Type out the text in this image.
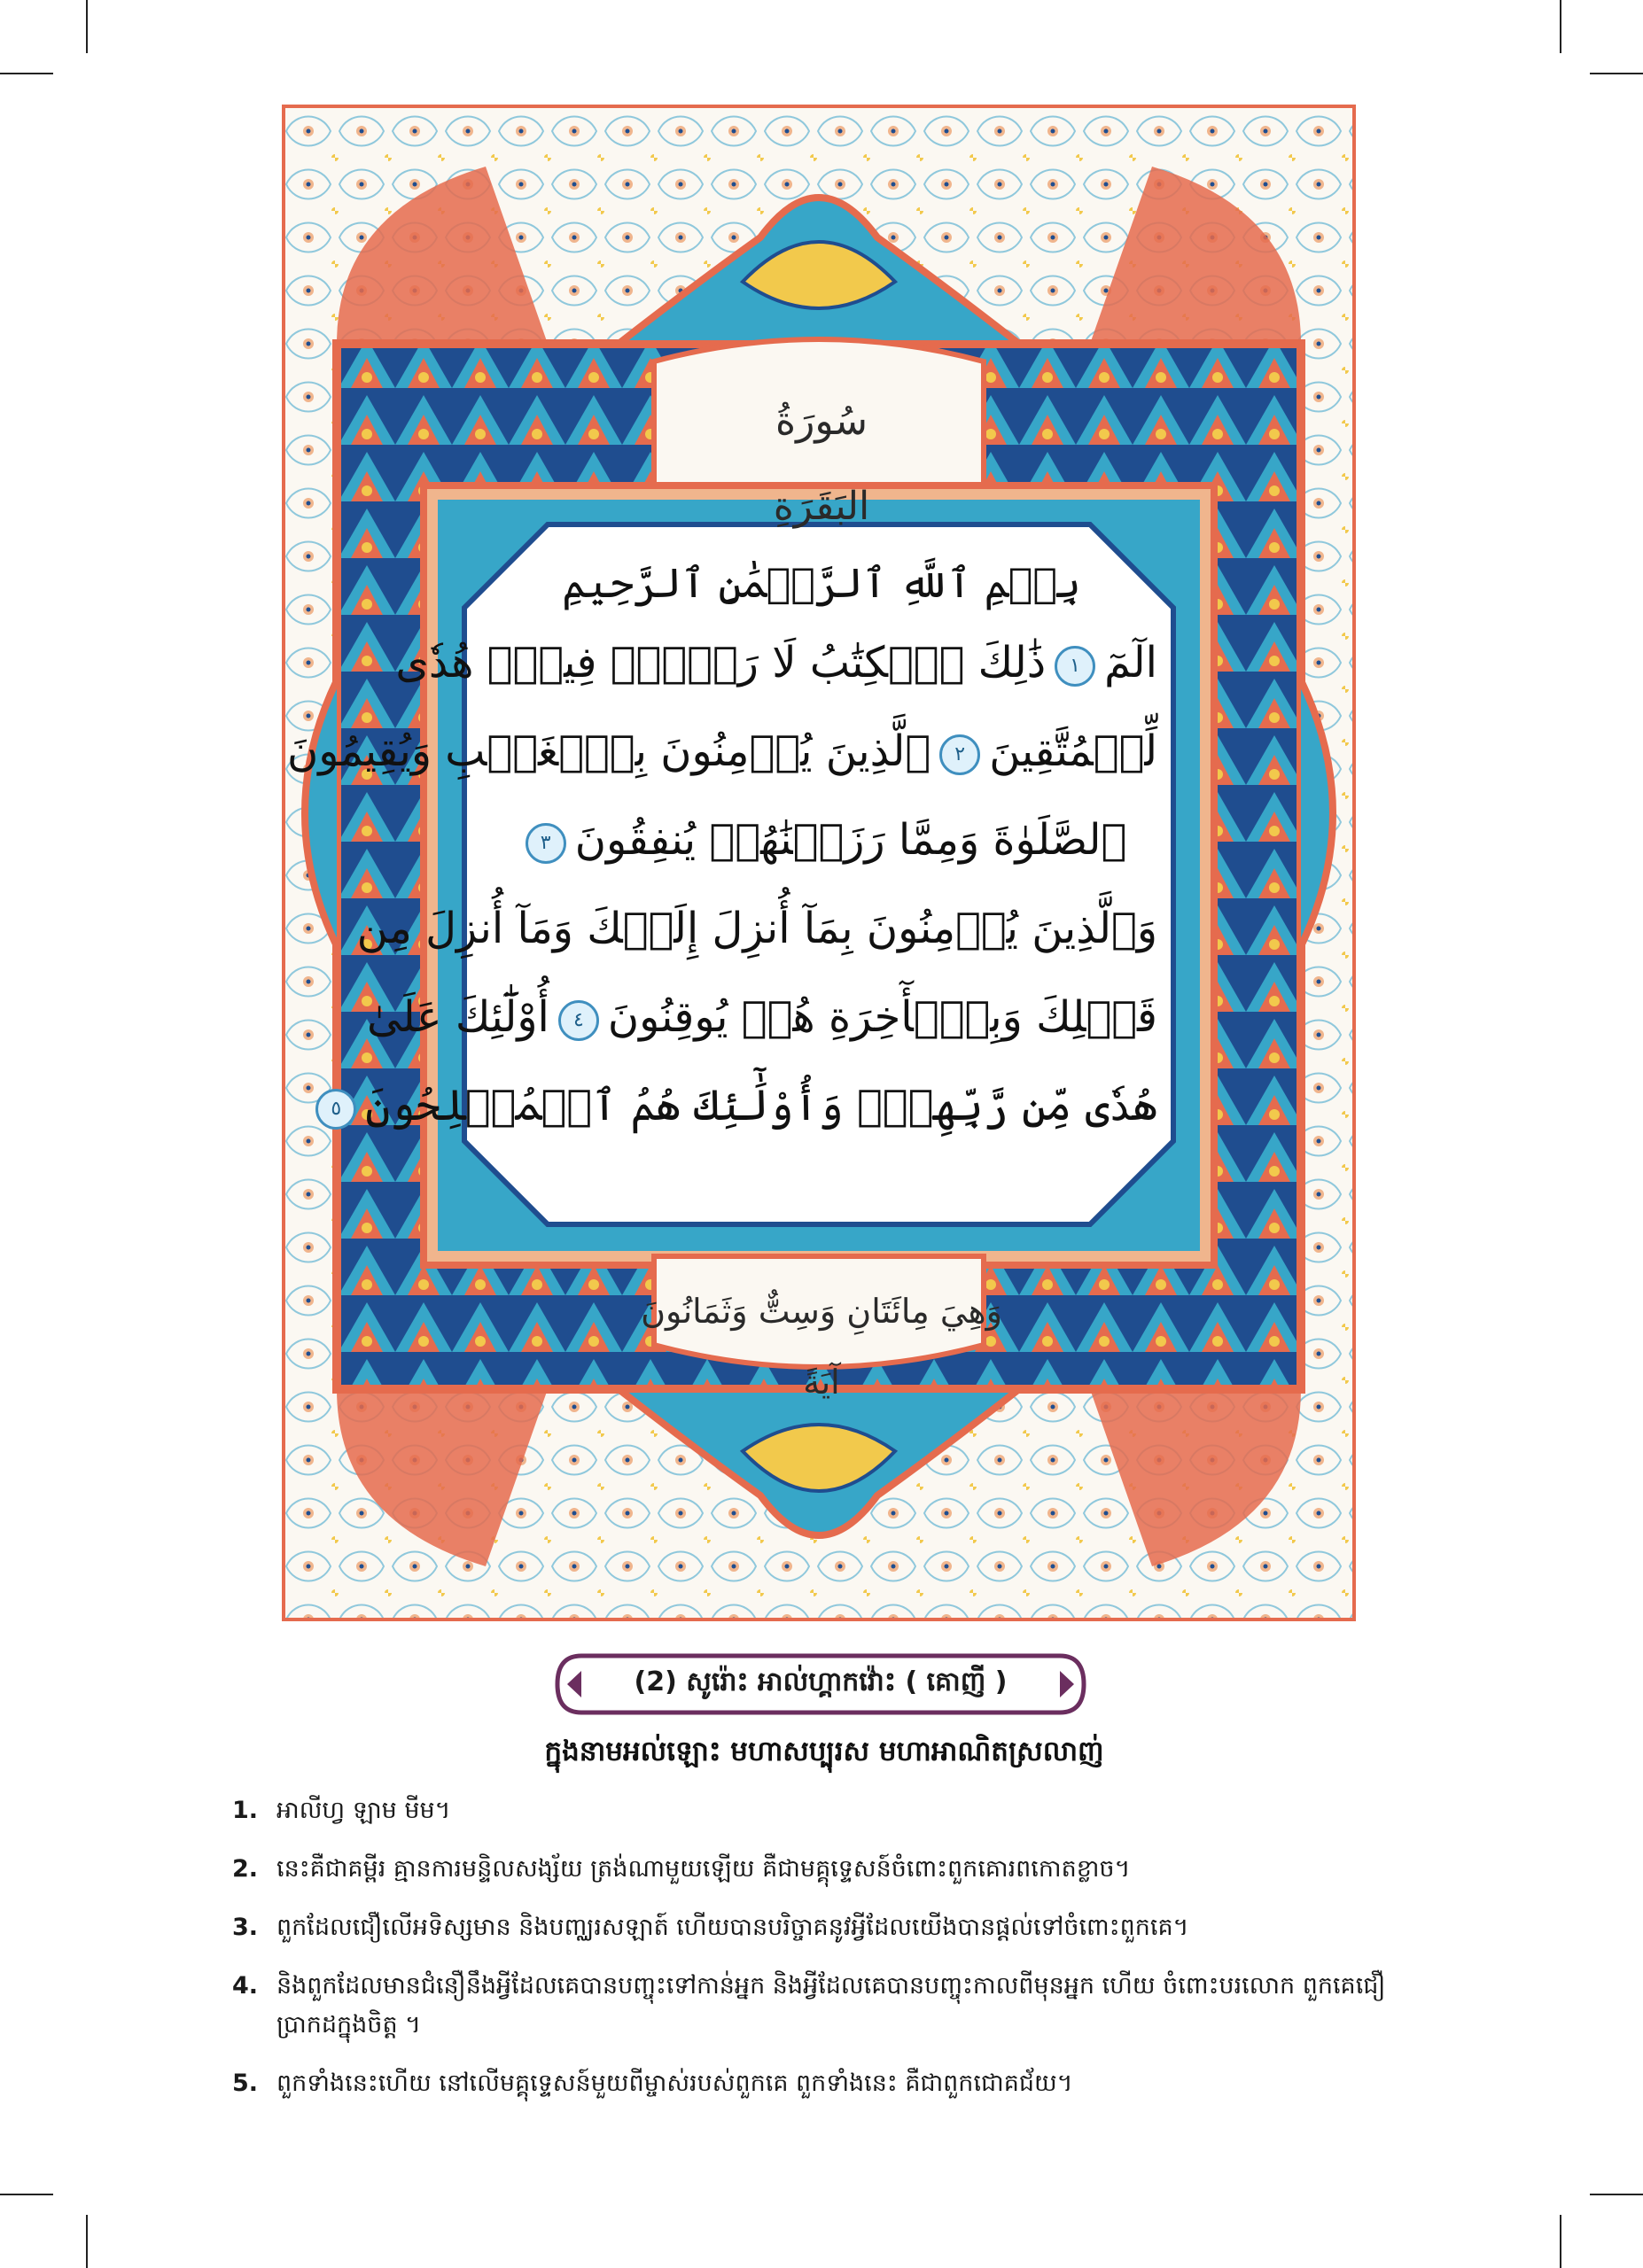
سُورَةُ البَقَرَةِ
بِسۡمِ ٱللَّهِ ٱلرَّحۡمَٰنِ ٱلرَّحِيمِ
الٓمٓ١ذَٰلِكَ ٱلۡكِتَٰبُ لَا رَيۡبَۛ فِيهِۛ هُدٗى
لِّلۡمُتَّقِينَ٢ٱلَّذِينَ يُؤۡمِنُونَ بِٱلۡغَيۡبِ وَيُقِيمُونَ
ٱلصَّلَوٰةَ وَمِمَّا رَزَقۡنَٰهُمۡ يُنفِقُونَ٣
وَٱلَّذِينَ يُؤۡمِنُونَ بِمَآ أُنزِلَ إِلَيۡكَ وَمَآ أُنزِلَ مِن
قَبۡلِكَ وَبِٱلۡأٓخِرَةِ هُمۡ يُوقِنُونَ٤أُوْلَٰٓئِكَ عَلَىٰ
هُدٗى مِّن رَّبِّهِمۡۖ وَأُوْلَٰٓئِكَ هُمُ ٱلۡمُفۡلِحُونَ٥
وَهِيَ مِائَتَانِ وَسِتٌّ وَثَمَانُونَ آيَةً
(2) សូរ៉ោះ អាល់ហ្គាកវ៉ោះ ( គោញី )
ក្នុងនាមអល់ឡោះ មហាសប្បុរស មហាអាណិតស្រលាញ់
1. អាលីហ្វ ឡាម មីម។
2. នេះគឺជាគម្ពីរ គ្មានការមន្ទិលសង្ស័យ ត្រង់ណាមួយឡើយ គឺជាមគ្គុទ្ទេសន៍ចំពោះពួកគោរពកោតខ្លាច។
3. ពួកដែលជឿលើអទិស្សមាន និងបញ្ឈរសឡាត៍ ហើយបានបរិច្ចាគនូវអ្វីដែលយើងបានផ្តល់ទៅចំពោះពួកគេ។
4. និងពួកដែលមានជំនឿនឹងអ្វីដែលគេបានបញ្ចុះទៅកាន់អ្នក និងអ្វីដែលគេបានបញ្ចុះកាលពីមុនអ្នក ហើយ ចំពោះបរលោក ពួកគេជឿប្រាកដក្នុងចិត្ត ។
5. ពួកទាំងនេះហើយ នៅលើមគ្គុទ្ទេសន៍មួយពីម្ចាស់របស់ពួកគេ ពួកទាំងនេះ គឺជាពួកជោគជ័យ។
